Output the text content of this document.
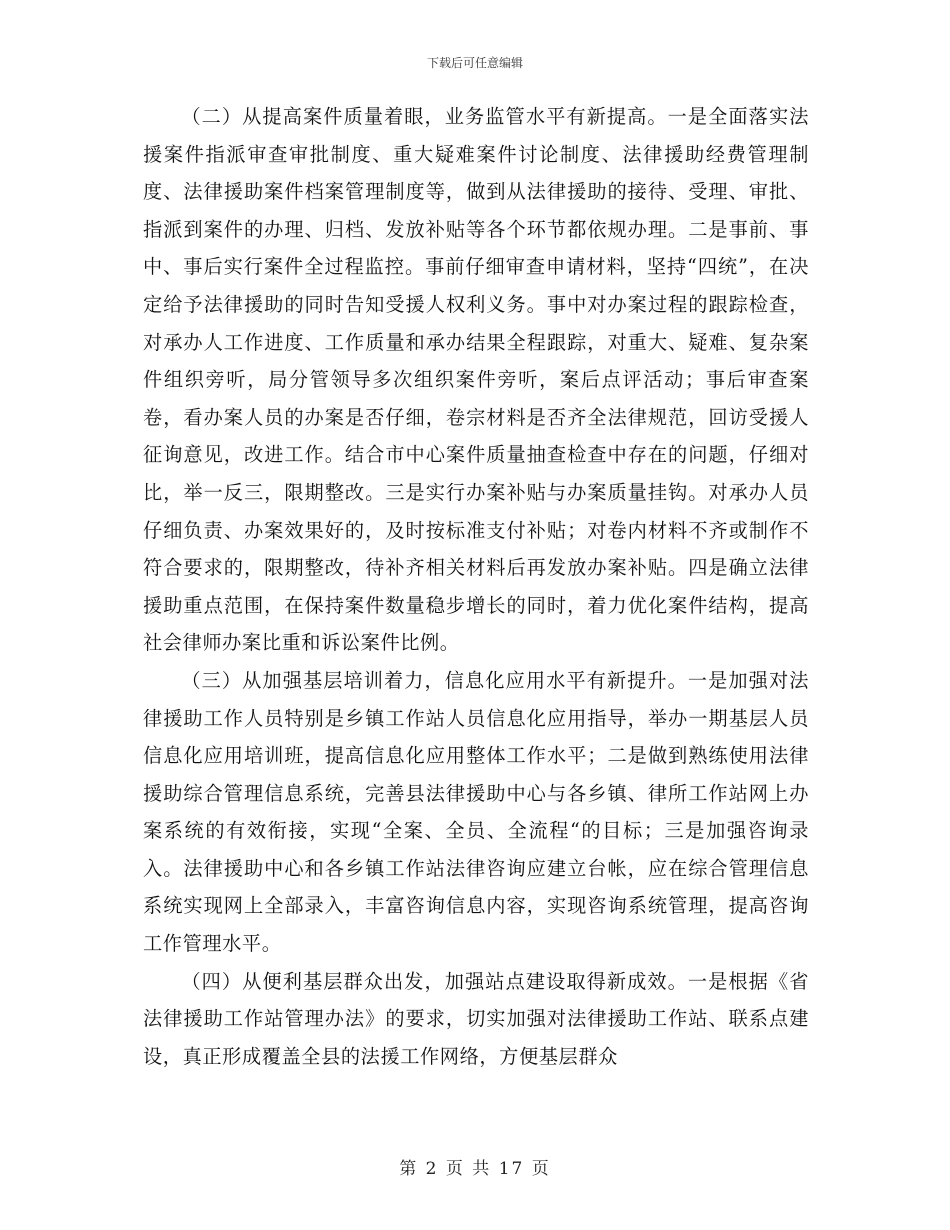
下载后可任意编辑

（二）从提高案件质量着眼，业务监管水平有新提高。一是全面落实法援案件指派审查审批制度、重大疑难案件讨论制度、法律援助经费管理制度、法律援助案件档案管理制度等，做到从法律援助的接待、受理、审批、指派到案件的办理、归档、发放补贴等各个环节都依规办理。二是事前、事中、事后实行案件全过程监控。事前仔细审查申请材料，坚持“四统”，在决定给予法律援助的同时告知受援人权利义务。事中对办案过程的跟踪检查，对承办人工作进度、工作质量和承办结果全程跟踪，对重大、疑难、复杂案件组织旁听，局分管领导多次组织案件旁听，案后点评活动；事后审查案卷，看办案人员的办案是否仔细，卷宗材料是否齐全法律规范，回访受援人征询意见，改进工作。结合市中心案件质量抽查检查中存在的问题，仔细对比，举一反三，限期整改。三是实行办案补贴与办案质量挂钩。对承办人员仔细负责、办案效果好的，及时按标准支付补贴；对卷内材料不齐或制作不符合要求的，限期整改，待补齐相关材料后再发放办案补贴。四是确立法律援助重点范围，在保持案件数量稳步增长的同时，着力优化案件结构，提高社会律师办案比重和诉讼案件比例。

（三）从加强基层培训着力，信息化应用水平有新提升。一是加强对法律援助工作人员特别是乡镇工作站人员信息化应用指导，举办一期基层人员信息化应用培训班，提高信息化应用整体工作水平；二是做到熟练使用法律援助综合管理信息系统，完善县法律援助中心与各乡镇、律所工作站网上办案系统的有效衔接，实现“全案、全员、全流程“的目标；三是加强咨询录入。法律援助中心和各乡镇工作站法律咨询应建立台帐，应在综合管理信息系统实现网上全部录入，丰富咨询信息内容，实现咨询系统管理，提高咨询工作管理水平。

（四）从便利基层群众出发，加强站点建设取得新成效。一是根据《省法律援助工作站管理办法》的要求，切实加强对法律援助工作站、联系点建设，真正形成覆盖全县的法援工作网络，方便基层群众

第 2 页 共 17 页
